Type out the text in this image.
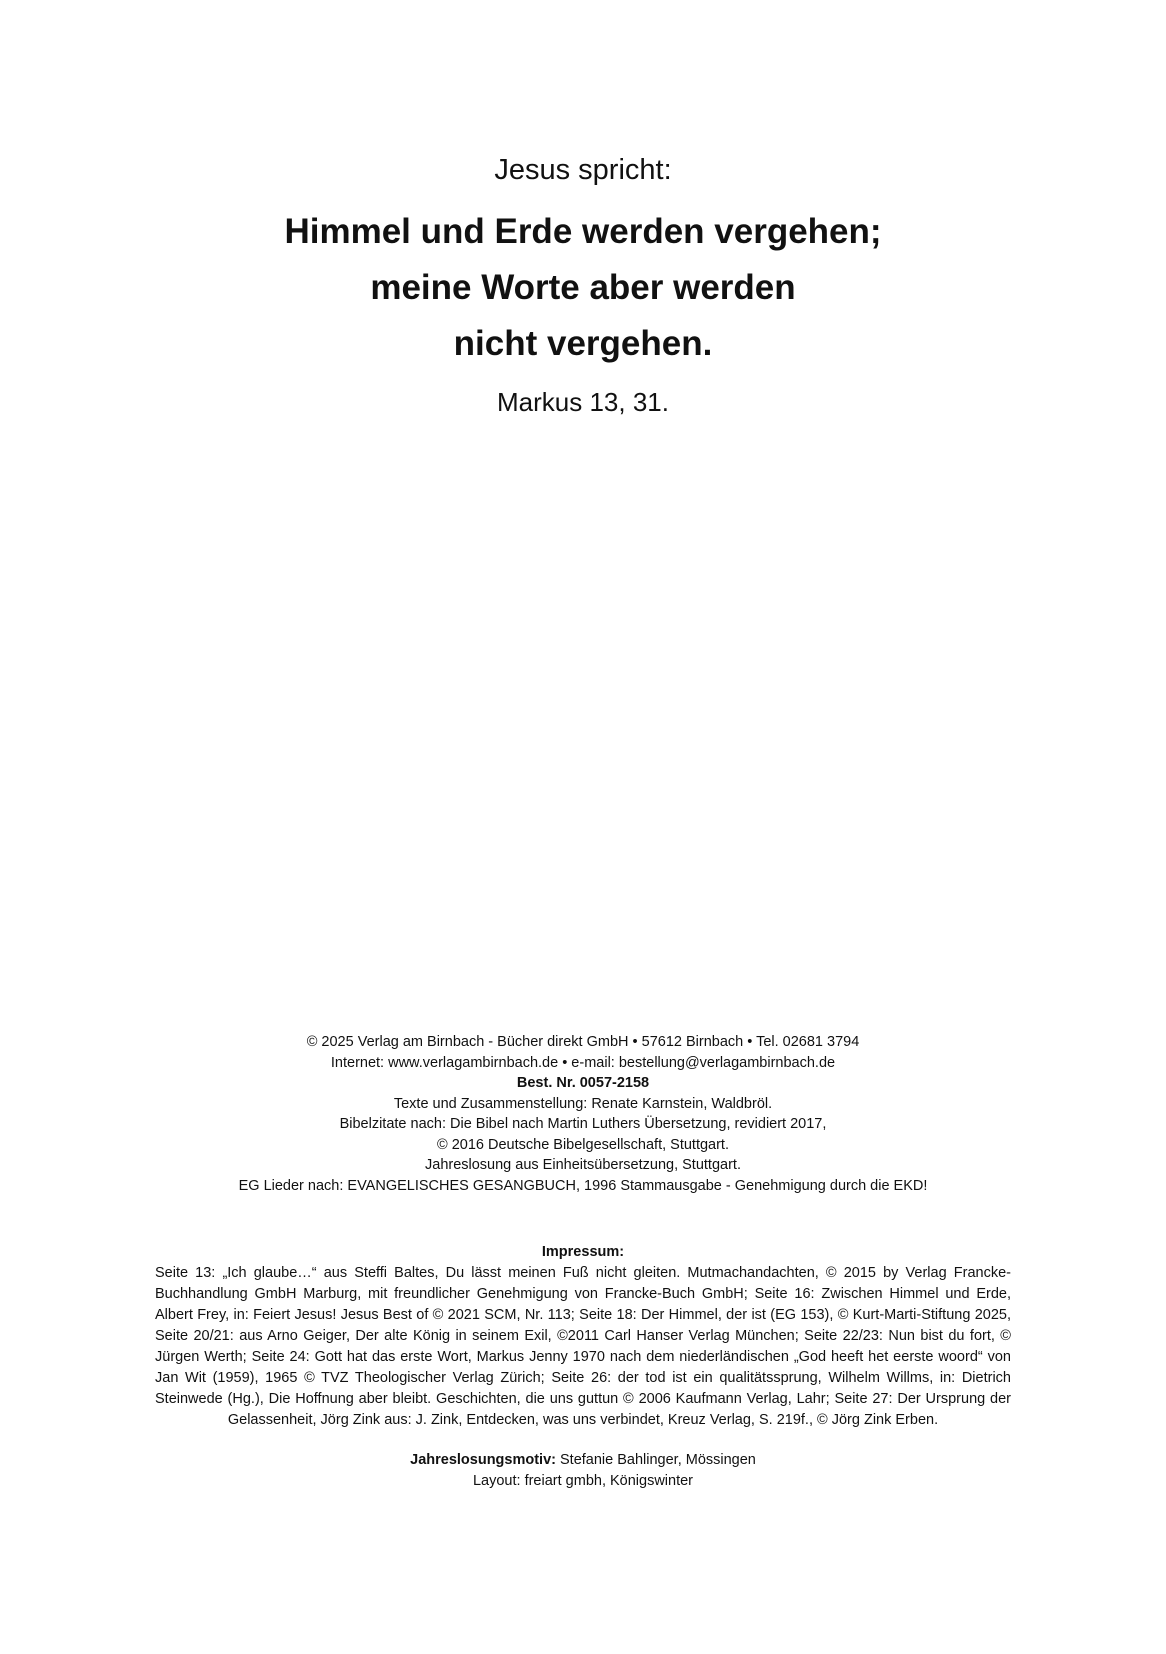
Jesus spricht:
Himmel und Erde werden vergehen;
meine Worte aber werden
nicht vergehen.
Markus 13, 31.
© 2025 Verlag am Birnbach - Bücher direkt GmbH • 57612 Birnbach • Tel. 02681 3794
Internet: www.verlagambirnbach.de • e-mail: bestellung@verlagambirnbach.de
Best. Nr. 0057-2158
Texte und Zusammenstellung: Renate Karnstein, Waldbröl.
Bibelzitate nach: Die Bibel nach Martin Luthers Übersetzung, revidiert 2017,
© 2016 Deutsche Bibelgesellschaft, Stuttgart.
Jahreslosung aus Einheitsübersetzung, Stuttgart.
EG Lieder nach: EVANGELISCHES GESANGBUCH, 1996 Stammausgabe - Genehmigung durch die EKD!
Impressum:
Seite 13: „Ich glaube…“ aus Steffi Baltes, Du lässt meinen Fuß nicht gleiten. Mutmachandachten, © 2015 by Verlag Francke-Buchhandlung GmbH Marburg, mit freundlicher Genehmigung von Francke-Buch GmbH; Seite 16: Zwischen Himmel und Erde, Albert Frey, in: Feiert Jesus! Jesus Best of © 2021 SCM, Nr. 113; Seite 18: Der Himmel, der ist (EG 153), © Kurt-Marti-Stiftung 2025, Seite 20/21: aus Arno Geiger, Der alte König in seinem Exil, ©2011 Carl Hanser Verlag München; Seite 22/23: Nun bist du fort, © Jürgen Werth; Seite 24: Gott hat das erste Wort, Markus Jenny 1970 nach dem niederländischen „God heeft het eerste woord“ von Jan Wit (1959), 1965 © TVZ Theologischer Verlag Zürich; Seite 26: der tod ist ein qualitätssprung, Wilhelm Willms, in: Dietrich Steinwede (Hg.), Die Hoffnung aber bleibt. Geschichten, die uns guttun © 2006 Kaufmann Verlag, Lahr; Seite 27: Der Ursprung der Gelassenheit, Jörg Zink aus: J. Zink, Entdecken, was uns verbindet, Kreuz Verlag, S. 219f., © Jörg Zink Erben.
Jahreslosungsmotiv: Stefanie Bahlinger, Mössingen
Layout: freiart gmbh, Königswinter
